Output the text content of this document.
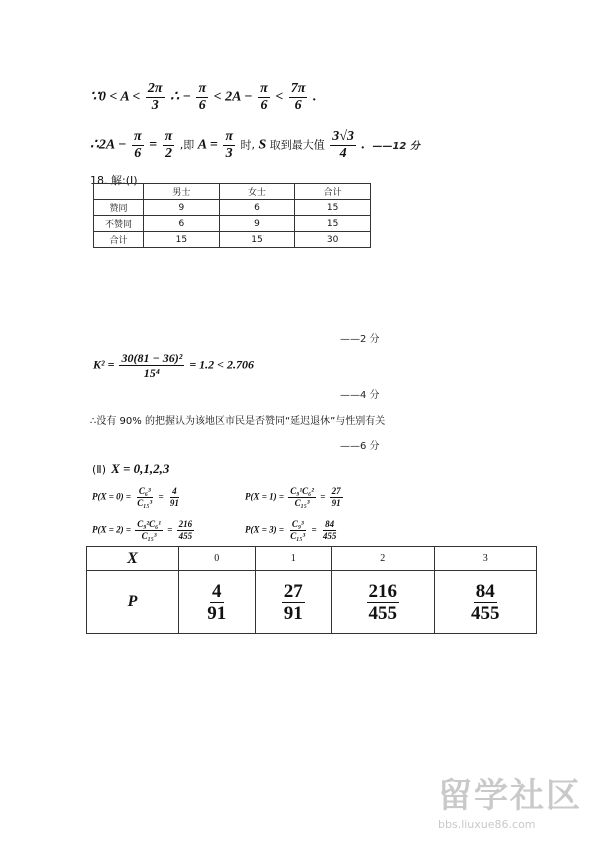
∵0 < $A < \frac{2\pi}{3}$ ∴ − $\frac{\pi}{6} < 2A - \frac{\pi}{6} < \frac{7\pi}{6}$ .
∴2A − $\frac{\pi}{6} = \frac{\pi}{2}$ ,即 $A = \frac{\pi}{3}$ 时, S 取到最大值 $\frac{3√3}{4}$ . ——12 分
18. 解:(Ⅰ)
	男士	女士	合计
赞同	9	6	15
不赞同	6	9	15
合计	15	15	30
——2 分
$K^2 = \frac{\text{30(81 − 36)²}}{\text{15⁴}} = 1.2 < 2.706$
——4 分
∴没有 90% 的把握认为该地区市民是否赞同“延迟退休”与性别有关
——6 分
(Ⅱ) X = 0,1,2,3
$P(X = 0) = \frac{\text{C₆³}}{\text{C₁₅³}} = \frac{4}{91}$	$P(X = 1) = \frac{\text{C₉¹C₆²}}{\text{C₁₅³}} = \frac{27}{91}$
$P(X = 2) = \frac{\text{C₉²C₆¹}}{\text{C₁₅³}} = \frac{216}{455}$	$P(X = 3) = \frac{\text{C₉³}}{\text{C₁₅³}} = \frac{84}{455}$
X	0	1	2	3
P	$\frac{4}{91}$	$\frac{27}{91}$	$\frac{216}{455}$	$\frac{84}{455}$
留学社区
bbs.liuxue86.com
